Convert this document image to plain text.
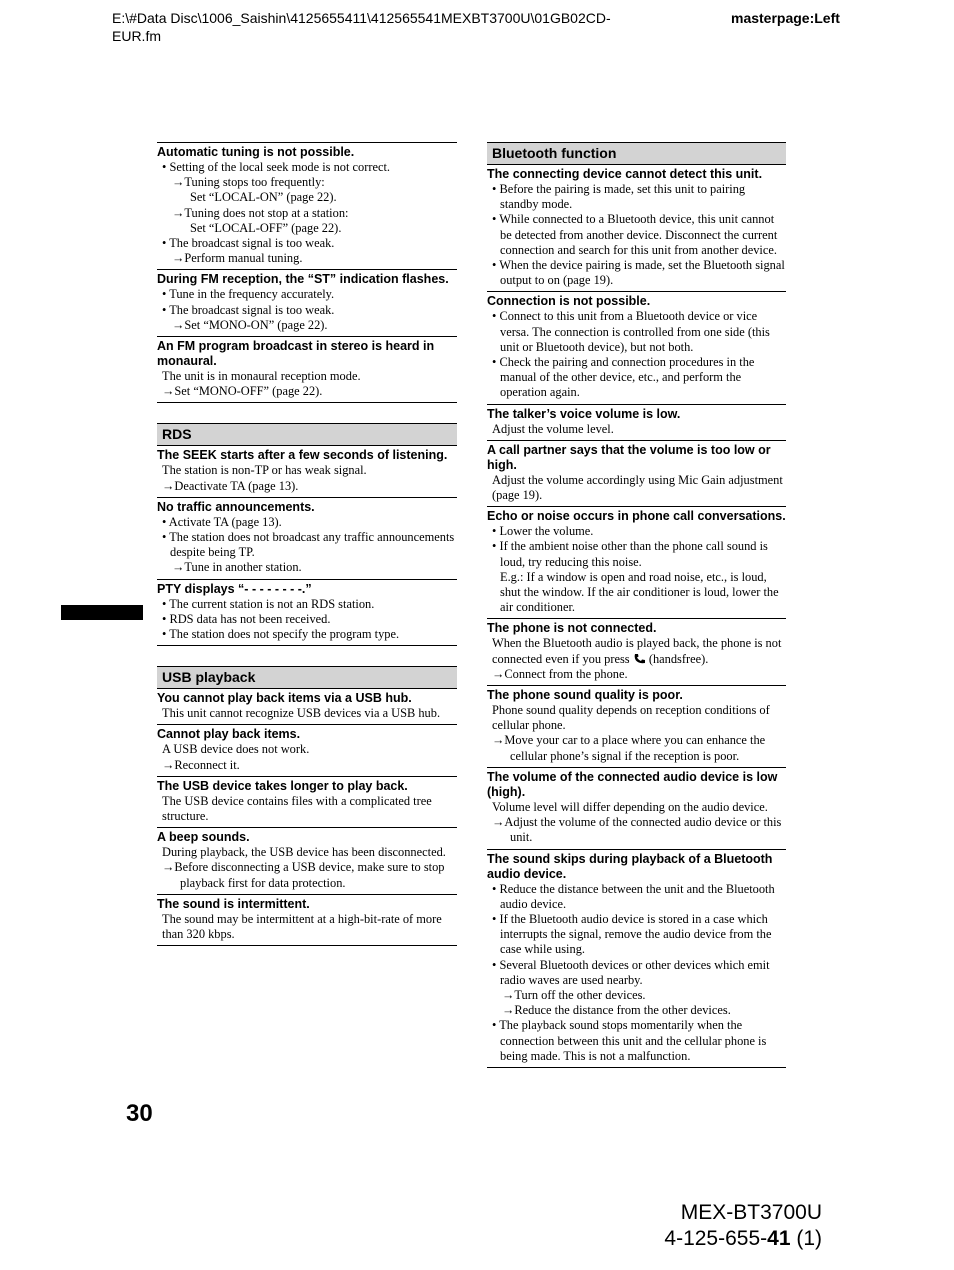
E:\#Data Disc\1006_Saishin\4125655411\412565541MEXBT3700U\01GB02CD-EUR.fm
masterpage:Left
Automatic tuning is not possible.
• Setting of the local seek mode is not correct.
→Tuning stops too frequently:
Set “LOCAL-ON” (page 22).
→Tuning does not stop at a station:
Set “LOCAL-OFF” (page 22).
• The broadcast signal is too weak.
→Perform manual tuning.
During FM reception, the “ST” indication flashes.
• Tune in the frequency accurately.
• The broadcast signal is too weak.
→Set “MONO-ON” (page 22).
An FM program broadcast in stereo is heard in monaural.
The unit is in monaural reception mode.
→Set “MONO-OFF” (page 22).
RDS
The SEEK starts after a few seconds of listening.
The station is non-TP or has weak signal.
→Deactivate TA (page 13).
No traffic announcements.
• Activate TA (page 13).
• The station does not broadcast any traffic announcements despite being TP.
→Tune in another station.
PTY displays “- - - - - - - -.”
• The current station is not an RDS station.
• RDS data has not been received.
• The station does not specify the program type.
USB playback
You cannot play back items via a USB hub.
This unit cannot recognize USB devices via a USB hub.
Cannot play back items.
A USB device does not work.
→Reconnect it.
The USB device takes longer to play back.
The USB device contains files with a complicated tree structure.
A beep sounds.
During playback, the USB device has been disconnected.
→Before disconnecting a USB device, make sure to stop playback first for data protection.
The sound is intermittent.
The sound may be intermittent at a high-bit-rate of more than 320 kbps.
Bluetooth function
The connecting device cannot detect this unit.
• Before the pairing is made, set this unit to pairing standby mode.
• While connected to a Bluetooth device, this unit cannot be detected from another device. Disconnect the current connection and search for this unit from another device.
• When the device pairing is made, set the Bluetooth signal output to on (page 19).
Connection is not possible.
• Connect to this unit from a Bluetooth device or vice versa. The connection is controlled from one side (this unit or Bluetooth device), but not both.
• Check the pairing and connection procedures in the manual of the other device, etc., and perform the operation again.
The talker’s voice volume is low.
Adjust the volume level.
A call partner says that the volume is too low or high.
Adjust the volume accordingly using Mic Gain adjustment (page 19).
Echo or noise occurs in phone call conversations.
• Lower the volume.
• If the ambient noise other than the phone call sound is loud, try reducing this noise.
E.g.: If a window is open and road noise, etc., is loud, shut the window. If the air conditioner is loud, lower the air conditioner.
The phone is not connected.
When the Bluetooth audio is played back, the phone is not connected even if you press (handsfree).
→Connect from the phone.
The phone sound quality is poor.
Phone sound quality depends on reception conditions of cellular phone.
→Move your car to a place where you can enhance the cellular phone’s signal if the reception is poor.
The volume of the connected audio device is low (high).
Volume level will differ depending on the audio device.
→Adjust the volume of the connected audio device or this unit.
The sound skips during playback of a Bluetooth audio device.
• Reduce the distance between the unit and the Bluetooth audio device.
• If the Bluetooth audio device is stored in a case which interrupts the signal, remove the audio device from the case while using.
• Several Bluetooth devices or other devices which emit radio waves are used nearby.
→Turn off the other devices.
→Reduce the distance from the other devices.
• The playback sound stops momentarily when the connection between this unit and the cellular phone is being made. This is not a malfunction.
30
MEX-BT3700U
4-125-655-41 (1)
